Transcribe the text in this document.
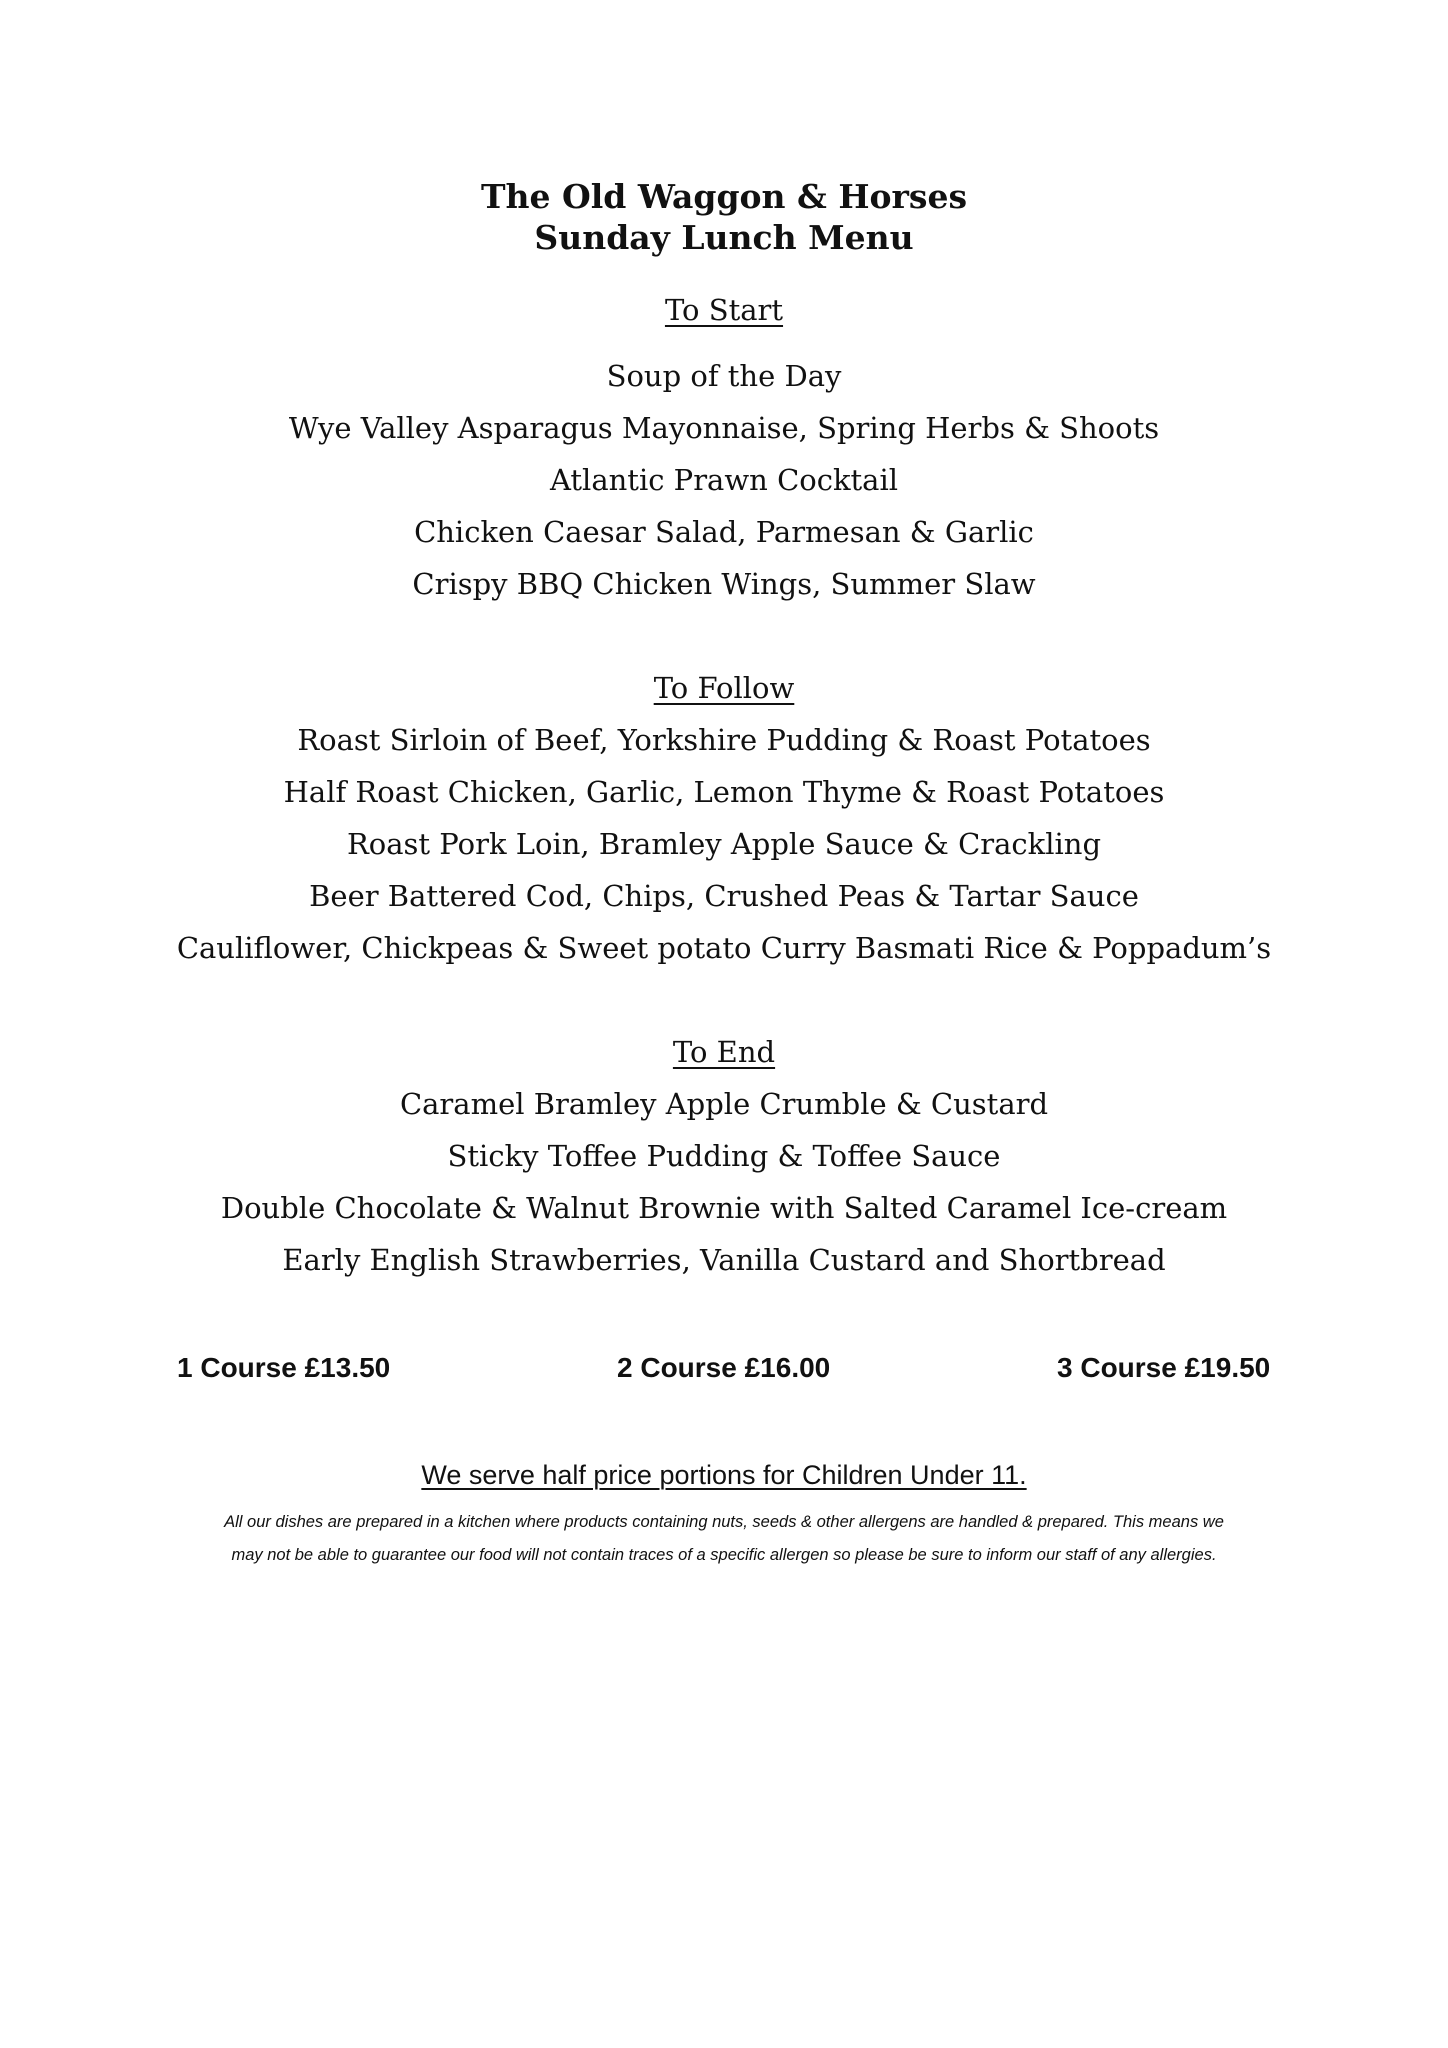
The Old Waggon & Horses
Sunday Lunch Menu
To Start
Soup of the Day
Wye Valley Asparagus Mayonnaise, Spring Herbs & Shoots
Atlantic Prawn Cocktail
Chicken Caesar Salad, Parmesan & Garlic
Crispy BBQ Chicken Wings, Summer Slaw
To Follow
Roast Sirloin of Beef, Yorkshire Pudding & Roast Potatoes
Half Roast Chicken, Garlic, Lemon Thyme & Roast Potatoes
Roast Pork Loin, Bramley Apple Sauce & Crackling
Beer Battered Cod, Chips, Crushed Peas & Tartar Sauce
Cauliflower, Chickpeas & Sweet potato Curry Basmati Rice & Poppadum’s
To End
Caramel Bramley Apple Crumble & Custard
Sticky Toffee Pudding & Toffee Sauce
Double Chocolate & Walnut Brownie with Salted Caramel Ice-cream
Early English Strawberries, Vanilla Custard and Shortbread
1 Course £13.50	2 Course £16.00	3 Course £19.50
We serve half price portions for Children Under 11.
All our dishes are prepared in a kitchen where products containing nuts, seeds & other allergens are handled & prepared. This means we
may not be able to guarantee our food will not contain traces of a specific allergen so please be sure to inform our staff of any allergies.
